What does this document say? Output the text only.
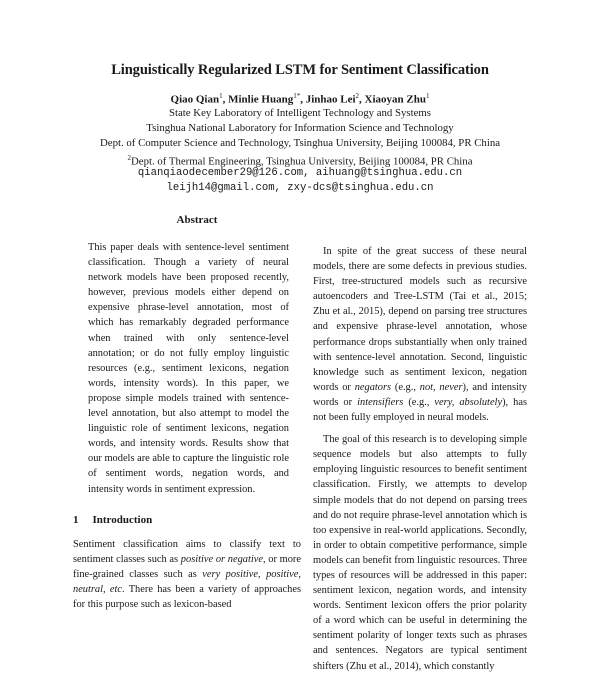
Linguistically Regularized LSTM for Sentiment Classification
Qiao Qian$^1$, Minlie Huang$^{1*}$, Jinhao Lei$^2$, Xiaoyan Zhu$^1$
State Key Laboratory of Intelligent Technology and Systems
Tsinghua National Laboratory for Information Science and Technology
Dept. of Computer Science and Technology, Tsinghua University, Beijing 100084, PR China
$^2$Dept. of Thermal Engineering, Tsinghua University, Beijing 100084, PR China
qianqiaodecember29@126.com, aihuang@tsinghua.edu.cn
leijh14@gmail.com, zxy-dcs@tsinghua.edu.cn
Abstract
This paper deals with sentence-level sentiment classification. Though a variety of neural network models have been proposed recently, however, previous models either depend on expensive phrase-level annotation, most of which has remarkably degraded performance when trained with only sentence-level annotation; or do not fully employ linguistic resources (e.g., sentiment lexicons, negation words, intensity words). In this paper, we propose simple models trained with sentence-level annotation, but also attempt to model the linguistic role of sentiment lexicons, negation words, and intensity words. Results show that our models are able to capture the linguistic role of sentiment words, negation words, and intensity words in sentiment expression.
1 Introduction

Sentiment classification aims to classify text to sentiment classes such as positive or negative, or more fine-grained classes such as very positive, positive, neutral, etc. There has been a variety of approaches for this purpose such as lexicon-based

In spite of the great success of these neural models, there are some defects in previous studies. First, tree-structured models such as recursive autoencoders and Tree-LSTM (Tai et al., 2015; Zhu et al., 2015), depend on parsing tree structures and expensive phrase-level annotation, whose performance drops substantially when only trained with sentence-level annotation. Second, linguistic knowledge such as sentiment lexicon, negation words or negators (e.g., not, never), and intensity words or intensifiers (e.g., very, absolutely), has not been fully employed in neural models.

The goal of this research is to developing simple sequence models but also attempts to fully employing linguistic resources to benefit sentiment classification. Firstly, we attempts to develop simple models that do not depend on parsing trees and do not require phrase-level annotation which is too expensive in real-world applications. Secondly, in order to obtain competitive performance, simple models can benefit from linguistic resources. Three types of resources will be addressed in this paper: sentiment lexicon, negation words, and intensity words. Sentiment lexicon offers the prior polarity of a word which can be useful in determining the sentiment polarity of longer texts such as phrases and sentences. Negators are typical sentiment shifters (Zhu et al., 2014), which constantly
